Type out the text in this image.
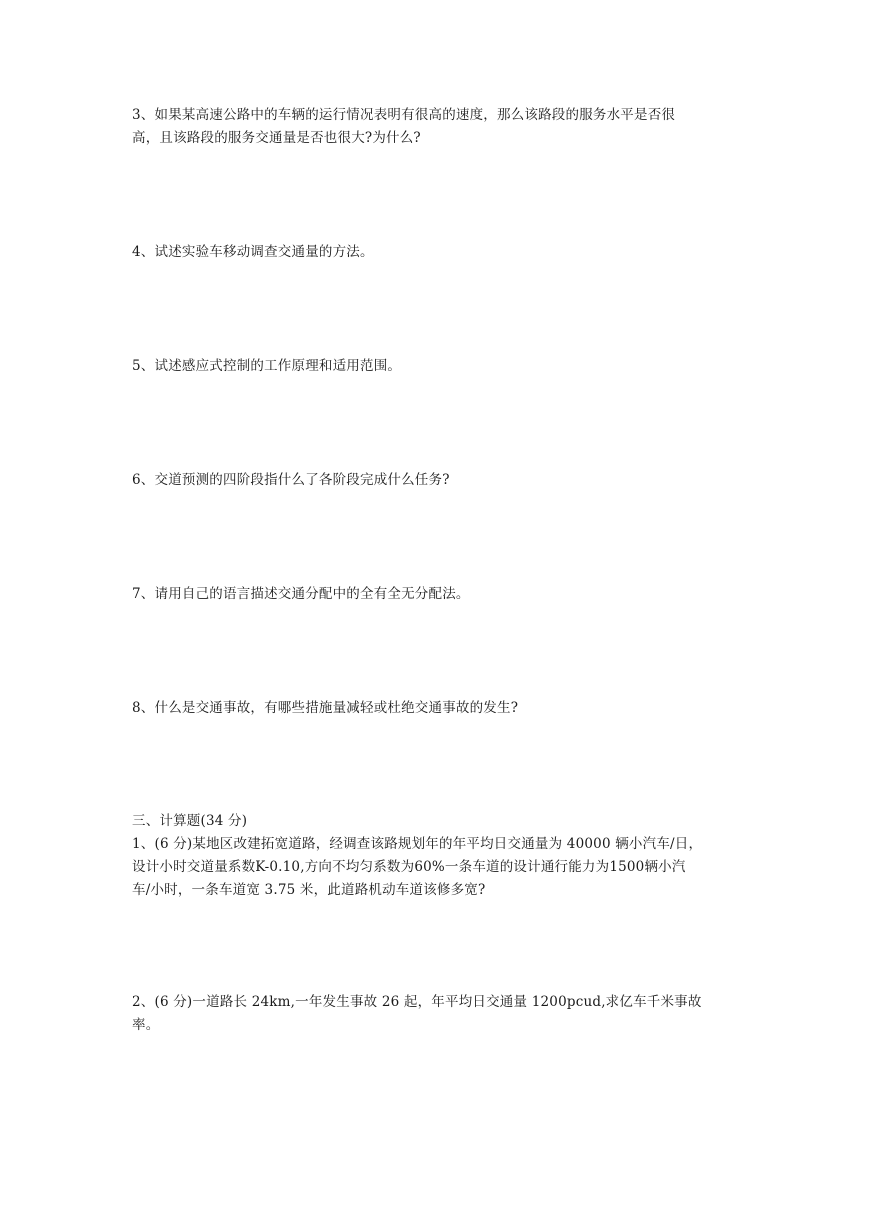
3、如果某高速公路中的车辆的运行情况表明有很高的速度，那么该路段的服务水平是否很
高，且该路段的服务交通量是否也很大?为什么?
4、试述实验车移动调查交通量的方法。
5、试述感应式控制的工作原理和适用范围。
6、交道预测的四阶段指什么了各阶段完成什么任务?
7、请用自己的语言描述交通分配中的全有全无分配法。
8、什么是交通事故，有哪些措施量减轻或杜绝交通事故的发生?
三、计算题(34 分)
1、(6 分)某地区改建拓宽道路，经调查该路规划年的年平均日交通量为 40000 辆小汽车/日，
设计小时交道量系数K-0.10,方向不均匀系数为60%一条车道的设计通行能力为1500辆小汽
车/小时，一条车道宽 3.75 米，此道路机动车道该修多宽?
2、(6 分)一道路长 24km,一年发生事故 26 起，年平均日交通量 1200pcud,求亿车千米事故
率。
